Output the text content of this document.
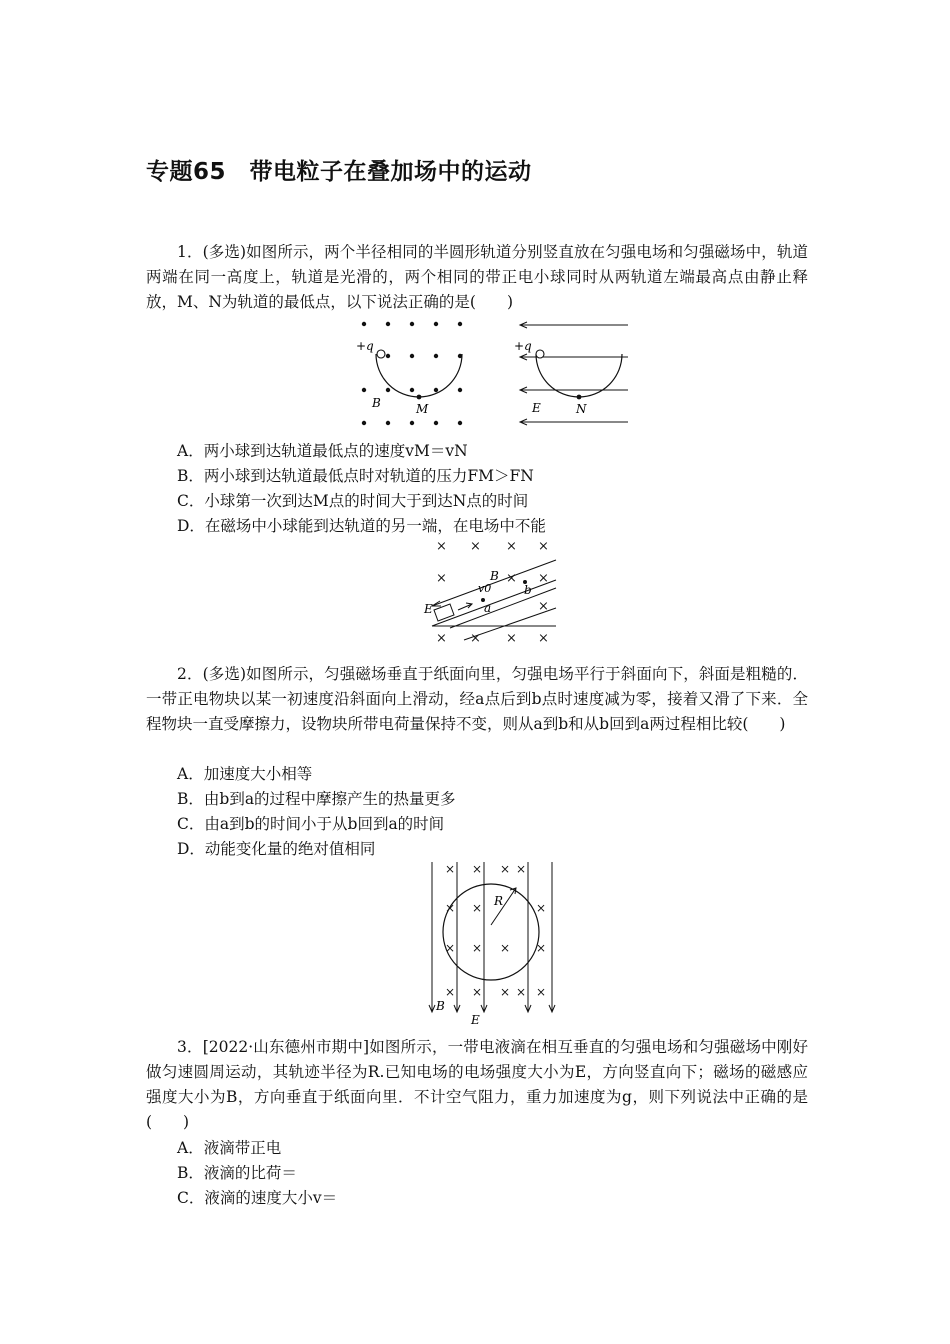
专题65　带电粒子在叠加场中的运动
1．(多选)如图所示，两个半径相同的半圆形轨道分别竖直放在匀强电场和匀强磁场中，轨道两端在同一高度上，轨道是光滑的，两个相同的带正电小球同时从两轨道左端最高点由静止释放，M、N为轨道的最低点，以下说法正确的是(　　)
+q
B	M
+q
E	N
A．两小球到达轨道最低点的速度vM＝vN
B．两小球到达轨道最低点时对轨道的压力FM＞FN
C．小球第一次到达M点的时间大于到达N点的时间
D．在磁场中小球能到达轨道的另一端，在电场中不能
× × × ×
×	× ×
×
× × × ×
B
v0
a
b
E
2．(多选)如图所示，匀强磁场垂直于纸面向里，匀强电场平行于斜面向下，斜面是粗糙的．一带正电物块以某一初速度沿斜面向上滑动，经a点后到b点时速度减为零，接着又滑了下来．全程物块一直受摩擦力，设物块所带电荷量保持不变，则从a到b和从b回到a两过程相比较(　　)
A．加速度大小相等
B．由b到a的过程中摩擦产生的热量更多
C．由a到b的时间小于从b回到a的时间
D．动能变化量的绝对值相同
× × × ×
× ×	×
× × × ×
× × × × ×
R
B
E
3．[2022·山东德州市期中]如图所示，一带电液滴在相互垂直的匀强电场和匀强磁场中刚好做匀速圆周运动，其轨迹半径为R.已知电场的电场强度大小为E，方向竖直向下；磁场的磁感应强度大小为B，方向垂直于纸面向里．不计空气阻力，重力加速度为g，则下列说法中正确的是(　　)
A．液滴带正电
B．液滴的比荷＝
C．液滴的速度大小v＝
